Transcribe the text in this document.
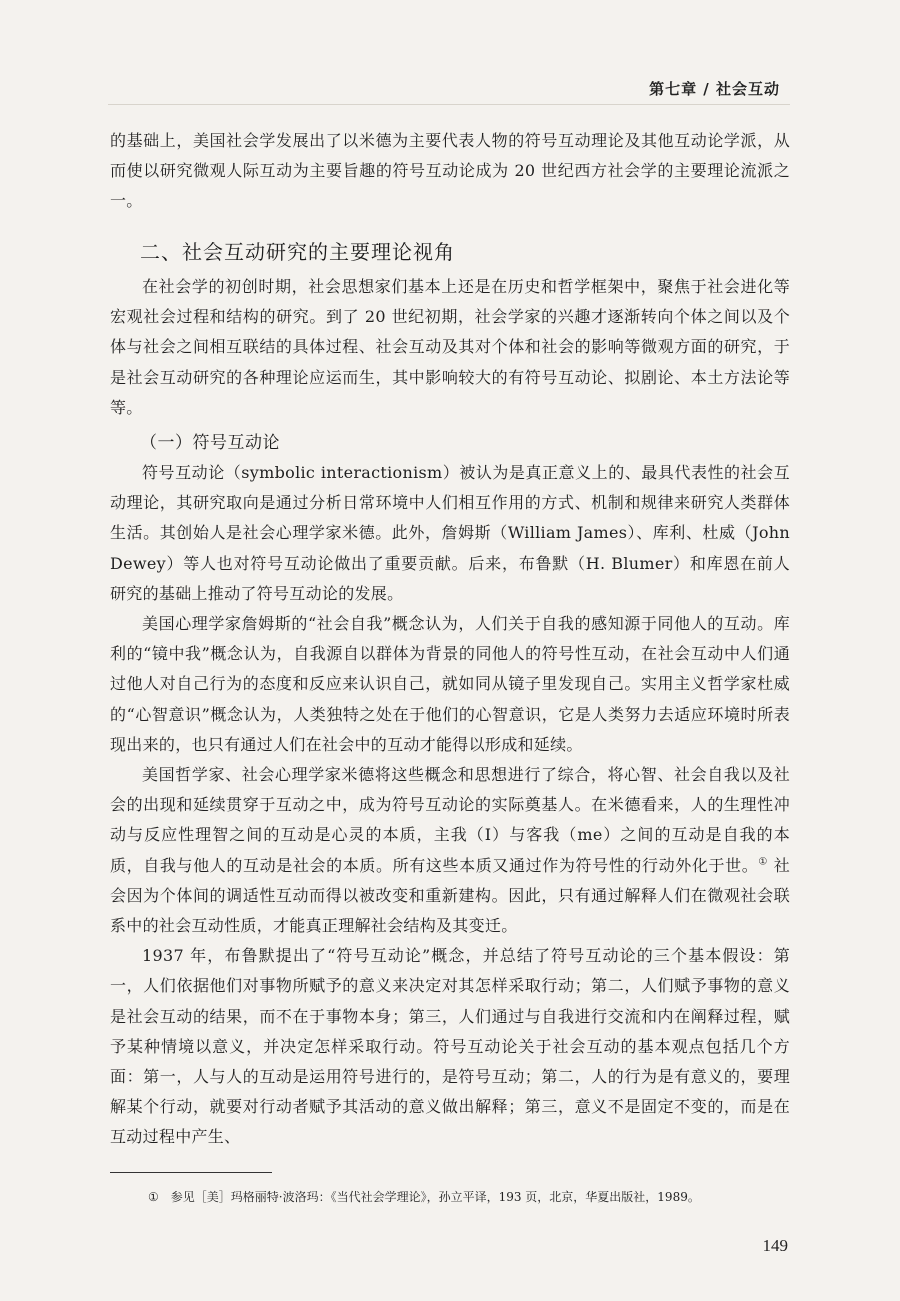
第七章 / 社会互动

的基础上，美国社会学发展出了以米德为主要代表人物的符号互动理论及其他互动论学派，从而使以研究微观人际互动为主要旨趣的符号互动论成为 20 世纪西方社会学的主要理论流派之一。

二、社会互动研究的主要理论视角

在社会学的初创时期，社会思想家们基本上还是在历史和哲学框架中，聚焦于社会进化等宏观社会过程和结构的研究。到了 20 世纪初期，社会学家的兴趣才逐渐转向个体之间以及个体与社会之间相互联结的具体过程、社会互动及其对个体和社会的影响等微观方面的研究，于是社会互动研究的各种理论应运而生，其中影响较大的有符号互动论、拟剧论、本土方法论等等。

（一）符号互动论

符号互动论（symbolic interactionism）被认为是真正意义上的、最具代表性的社会互动理论，其研究取向是通过分析日常环境中人们相互作用的方式、机制和规律来研究人类群体生活。其创始人是社会心理学家米德。此外，詹姆斯（William James）、库利、杜威（John Dewey）等人也对符号互动论做出了重要贡献。后来，布鲁默（H. Blumer）和库恩在前人研究的基础上推动了符号互动论的发展。

美国心理学家詹姆斯的“社会自我”概念认为，人们关于自我的感知源于同他人的互动。库利的“镜中我”概念认为，自我源自以群体为背景的同他人的符号性互动，在社会互动中人们通过他人对自己行为的态度和反应来认识自己，就如同从镜子里发现自己。实用主义哲学家杜威的“心智意识”概念认为，人类独特之处在于他们的心智意识，它是人类努力去适应环境时所表现出来的，也只有通过人们在社会中的互动才能得以形成和延续。

美国哲学家、社会心理学家米德将这些概念和思想进行了综合，将心智、社会自我以及社会的出现和延续贯穿于互动之中，成为符号互动论的实际奠基人。在米德看来，人的生理性冲动与反应性理智之间的互动是心灵的本质，主我（I）与客我（me）之间的互动是自我的本质，自我与他人的互动是社会的本质。所有这些本质又通过作为符号性的行动外化于世。① 社会因为个体间的调适性互动而得以被改变和重新建构。因此，只有通过解释人们在微观社会联系中的社会互动性质，才能真正理解社会结构及其变迁。

1937 年，布鲁默提出了“符号互动论”概念，并总结了符号互动论的三个基本假设：第一，人们依据他们对事物所赋予的意义来决定对其怎样采取行动；第二，人们赋予事物的意义是社会互动的结果，而不在于事物本身；第三，人们通过与自我进行交流和内在阐释过程，赋予某种情境以意义，并决定怎样采取行动。符号互动论关于社会互动的基本观点包括几个方面：第一，人与人的互动是运用符号进行的，是符号互动；第二，人的行为是有意义的，要理解某个行动，就要对行动者赋予其活动的意义做出解释；第三，意义不是固定不变的，而是在互动过程中产生、

① 参见［美］玛格丽特·波洛玛：《当代社会学理论》，孙立平译，193 页，北京，华夏出版社，1989。
149
